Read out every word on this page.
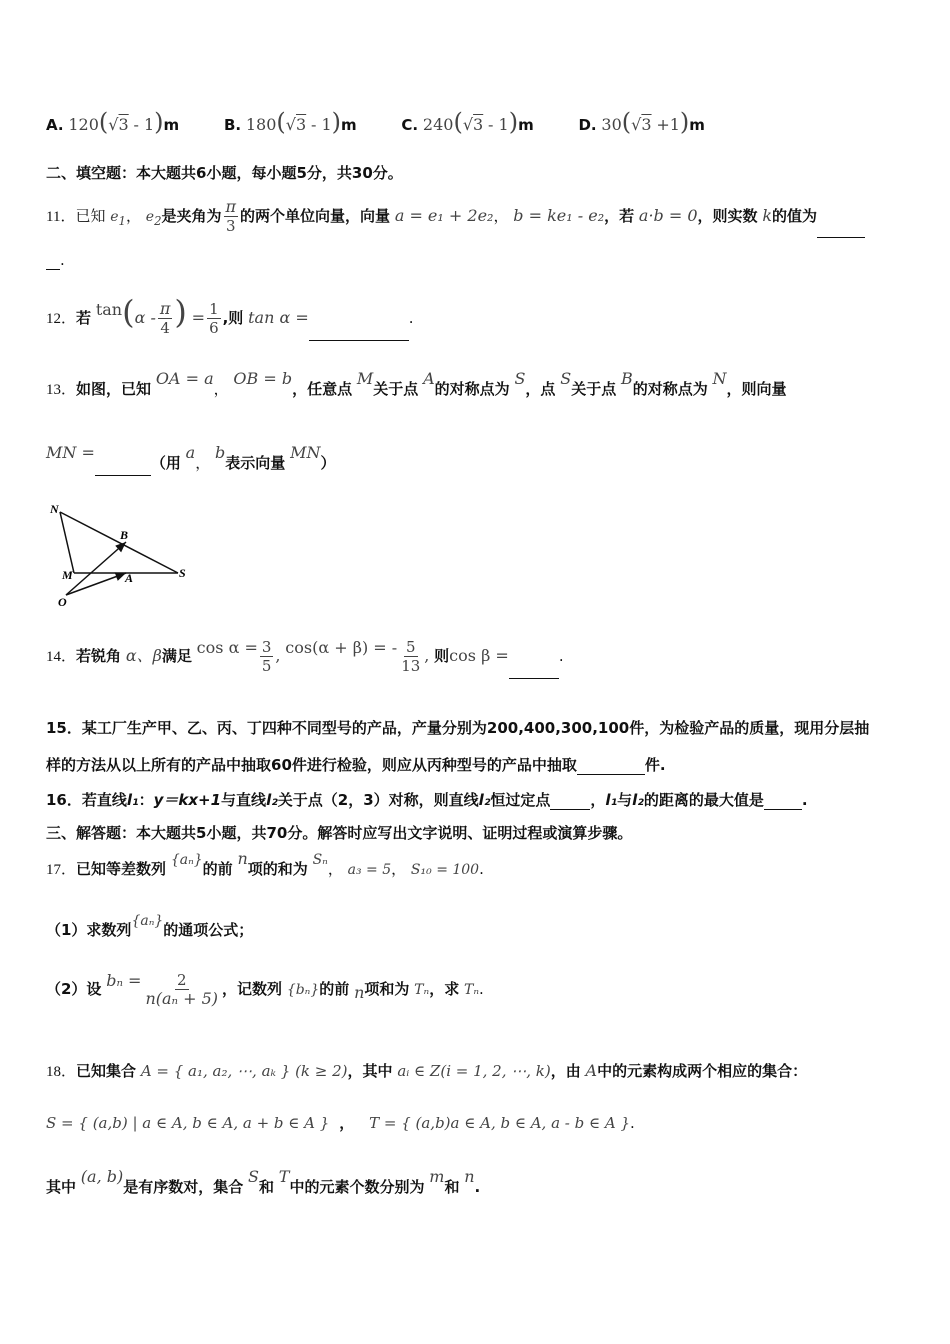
A. 120(√3 - 1)m	B. 180(√3 - 1)m	C. 240(√3 - 1)m	D. 30(√3 +1)m
二、填空题：本大题共6小题，每小题5分，共30分。
11．已知 $e_1$， $e_2$是夹角为 $\frac{\pi}{3}$ 的两个单位向量，向量 a = e₁ + 2e₂， b = ke₁ - e₂，若 a·b = 0，则实数 k的值为
.
12．若 $\tan(\alpha - \frac{\pi}{4}$ ) = $\frac{1}{6}$ ,则 tan α =	.
13．如图，已知 OA = a， OB = b，任意点 M关于点 A的对称点为 S，点 S关于点 B的对称点为 N，则向量
MN =（用 a， b表示向量 MN）
N
B
M	A	S
O
14．若锐角 α、β满足 $\cos \alpha = \frac{3}{5}$ , cos(α + β) = - $\frac{5}{13}$ , 则cos β =	.
15．某工厂生产甲、乙、丙、丁四种不同型号的产品，产量分别为200,400,300,100件，为检验产品的质量，现用分层抽
样的方法从以上所有的产品中抽取60件进行检验，则应从丙种型号的产品中抽取	件.
16．若直线l₁：y＝kx+1与直线l₂关于点（2，3）对称，则直线l₂恒过定点	，l₁与l₂的距离的最大值是	.
三、解答题：本大题共5小题，共70分。解答时应写出文字说明、证明过程或演算步骤。
17．已知等差数列 {aₙ}的前 n项的和为 Sₙ， a₃ = 5， S₁₀ = 100.
（1）求数列{aₙ}的通项公式；
（2）设 $b_n = \frac{2}{\text{n(aₙ + 5)}}$ ，记数列 {bₙ}的前 n项和为 Tₙ，求 Tₙ.
18．已知集合 A = { a₁, a₂, ⋯, aₖ } (k ≥ 2)，其中 aᵢ ∈ Z(i = 1, 2, ⋯, k)，由 A中的元素构成两个相应的集合：
S = { (a,b) | a ∈ A, b ∈ A, a + b ∈ A } ， T = { (a,b)a ∈ A, b ∈ A, a - b ∈ A }.
其中 (a, b)是有序数对，集合 S和 T中的元素个数分别为 m和 n.
